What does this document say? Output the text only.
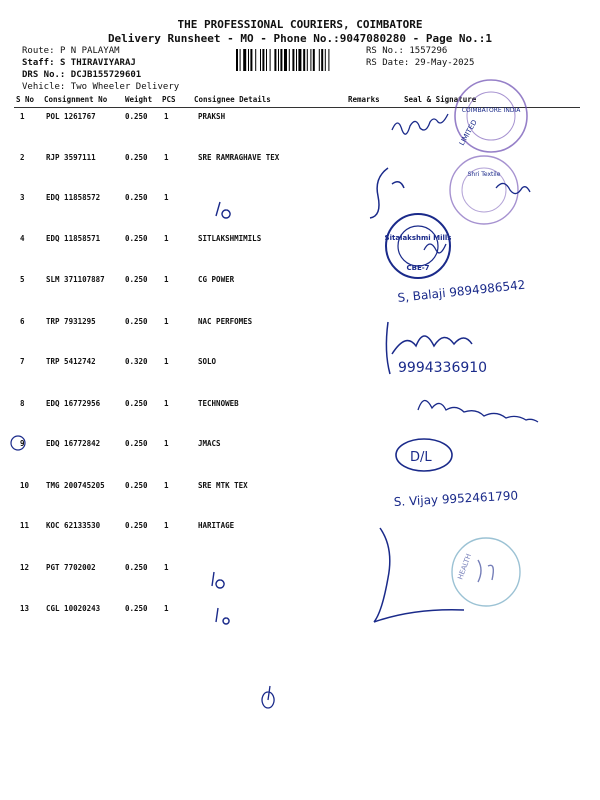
THE PROFESSIONAL COURIERS, COIMBATORE
Delivery Runsheet - MO - Phone No.:9047080280 - Page No.:1
Route: P N PALAYAM
Staff: S THIRAVIYARAJ
DRS No.: DCJB155729601
Vehicle: Two Wheeler Delivery
RS No.: 1557296
RS Date: 29-May-2025
S No Consignment No Weight PCS Consignee Details	Remarks	Seal & Signature
1	POL 1261767	0.250 1	PRAKSH
2	RJP 3597111	0.250 1	SRE RAMRAGHAVE TEX
3	EDQ 11858572	0.250 1
4	EDQ 11858571	0.250 1	SITLAKSHMIMILS
5	SLM 371107887	0.250 1	CG POWER
6	TRP 7931295	0.250 1	NAC PERFOMES
7	TRP 5412742	0.320 1	SOLO
8	EDQ 16772956	0.250 1	TECHNOWEB
9	EDQ 16772842	0.250 1	JMACS
10 TMG 200745205	0.250 1	SRE MTK TEX
11 KOC 62133530	0.250 1	HARITAGE
12 PGT 7702002	0.250 1
13 CGL 10020243	0.250 1
COIMBATORE INDIA
LIMITED
Shri Textile
Sitalakshmi Mills
CBE-7
S, Balaji 9894986542
9994336910
D/L
S. Vijay 9952461790
HEALTH
